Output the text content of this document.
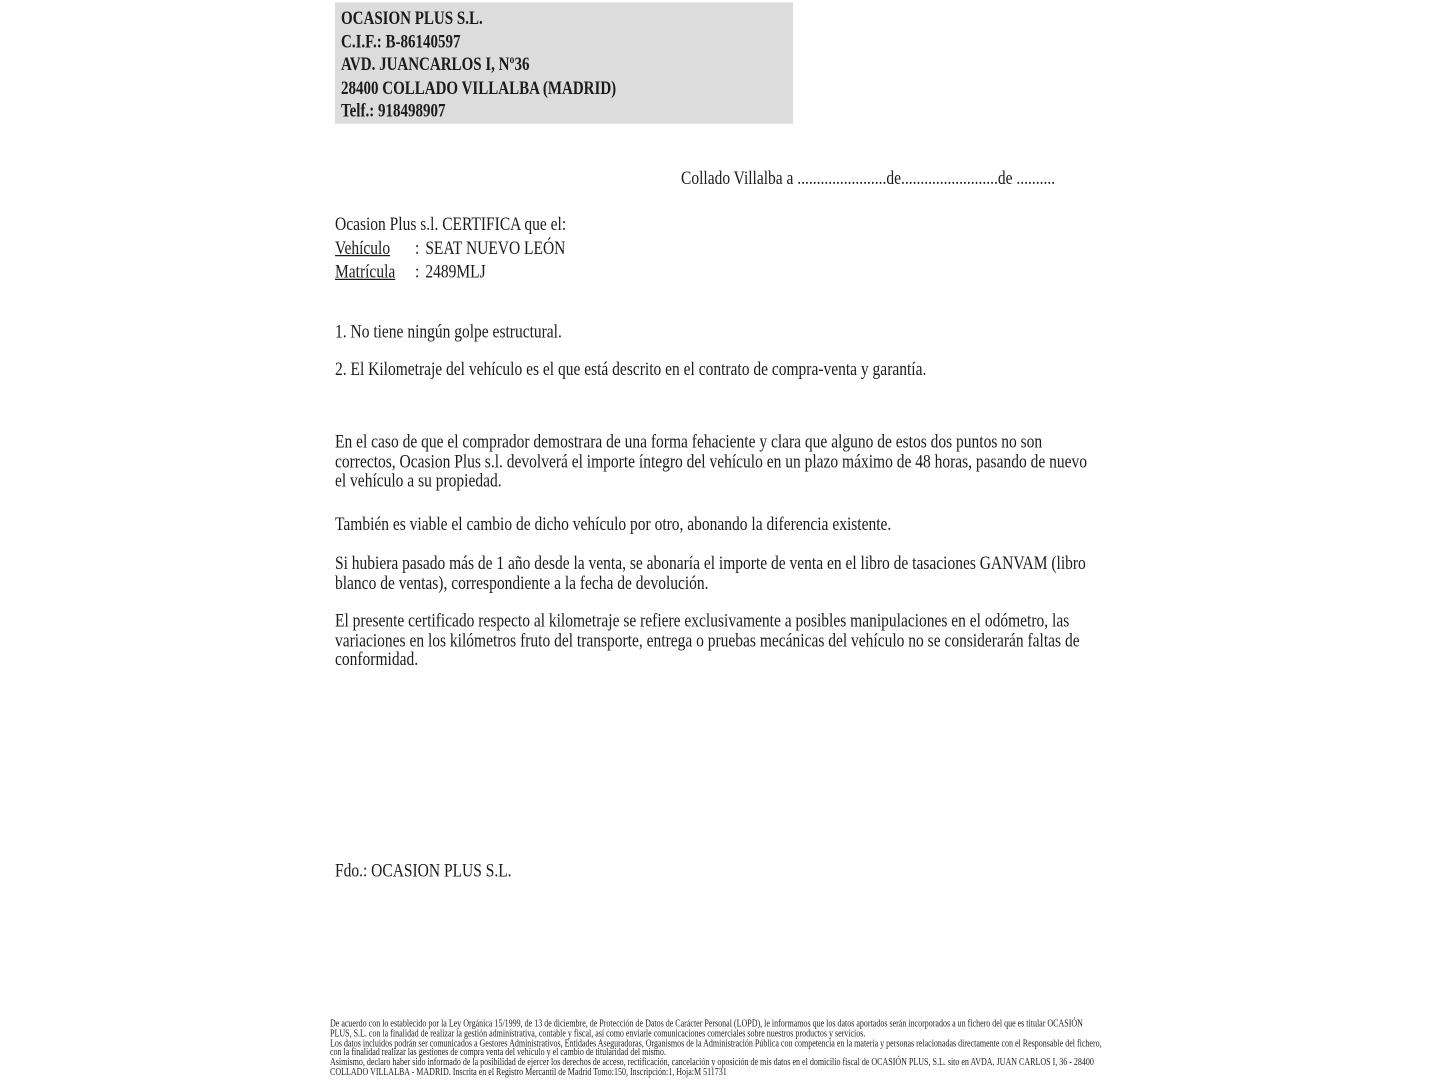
OCASION PLUS S.L.
C.I.F.: B-86140597
AVD. JUANCARLOS I, Nº36
28400 COLLADO VILLALBA (MADRID)
Telf.: 918498907
Collado Villalba a .......................de.........................de ..........
Ocasion Plus s.l. CERTIFICA que el:
Vehículo : SEAT NUEVO LEÓN
Matrícula : 2489MLJ
1. No tiene ningún golpe estructural.
2. El Kilometraje del vehículo es el que está descrito en el contrato de compra-venta y garantía.
En el caso de que el comprador demostrara de una forma fehaciente y clara que alguno de estos dos puntos no son correctos, Ocasion Plus s.l. devolverá el importe íntegro del vehículo en un plazo máximo de 48 horas, pasando de nuevo el vehículo a su propiedad.
También es viable el cambio de dicho vehículo por otro, abonando la diferencia existente.
Si hubiera pasado más de 1 año desde la venta, se abonaría el importe de venta en el libro de tasaciones GANVAM (libro blanco de ventas), correspondiente a la fecha de devolución.
El presente certificado respecto al kilometraje se refiere exclusivamente a posibles manipulaciones en el odómetro, las variaciones en los kilómetros fruto del transporte, entrega o pruebas mecánicas del vehículo no se considerarán faltas de conformidad.
Fdo.: OCASION PLUS S.L.

De acuerdo con lo establecido por la Ley Orgánica 15/1999, de 13 de diciembre, de Protección de Datos de Carácter Personal (LOPD), le informamos que los datos aportados serán incorporados a un fichero del que es titular OCASIÓN PLUS, S.L. con la finalidad de realizar la gestión administrativa, contable y fiscal, así como enviarle comunicaciones comerciales sobre nuestros productos y servicios.

Los datos incluidos podrán ser comunicados a Gestores Administrativos, Entidades Aseguradoras, Organismos de la Administración Pública con competencia en la materia y personas relacionadas directamente con el Responsable del fichero, con la finalidad realizar las gestiones de compra venta del vehículo y el cambio de titularidad del mismo.

Asimismo, declaro haber sido informado de la posibilidad de ejercer los derechos de acceso, rectificación, cancelación y oposición de mis datos en el domicilio fiscal de OCASIÓN PLUS, S.L. sito en AVDA. JUAN CARLOS I, 36 - 28400 COLLADO VILLALBA - MADRID. Inscrita en el Registro Mercantil de Madrid Tomo:150, Inscripción:1, Hoja:M 511731
